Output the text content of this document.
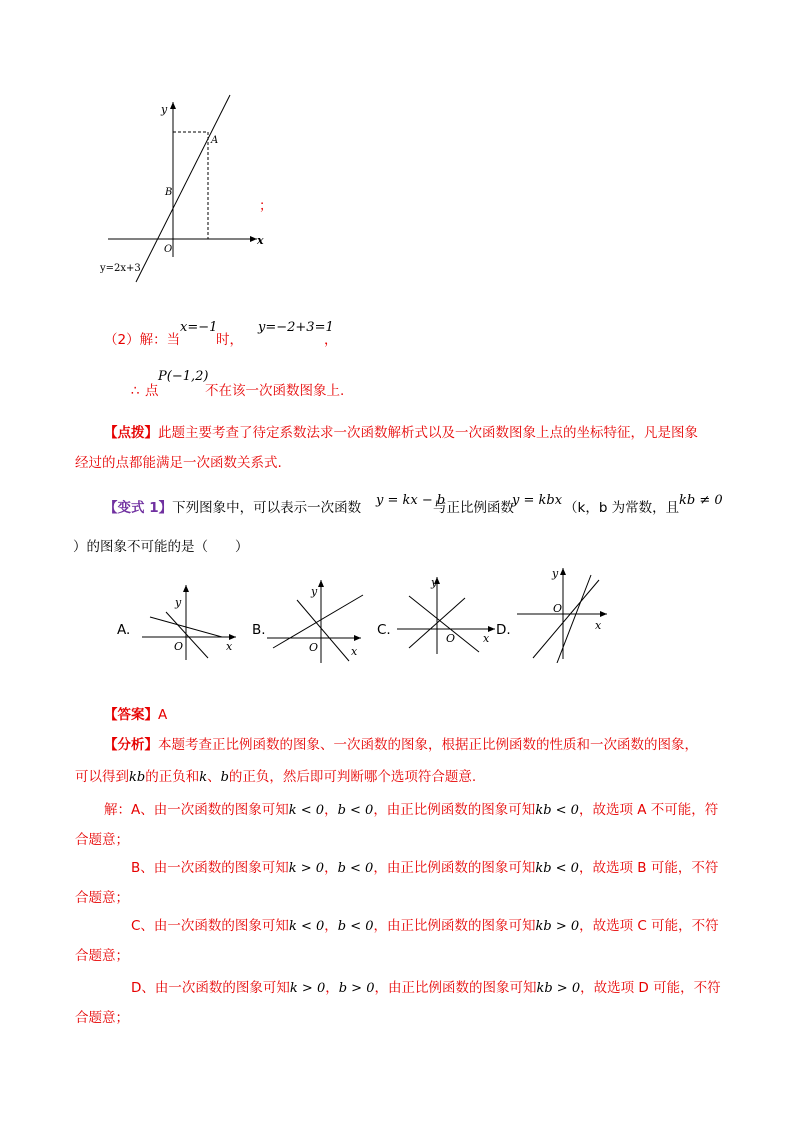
y
x
A
B
O
y=2x+3
；
（2）解：当
x=−1
时，
y=−2+3=1
，
∴ 点
P(−1,2)
不在该一次函数图象上.
【点拨】此题主要考查了待定系数法求一次函数解析式以及一次函数图象上点的坐标特征，凡是图象
经过的点都能满足一次函数关系式.
【变式 1】下列图象中，可以表示一次函数 y = kx − b
与正比例函数
y = kbx （k，b 为常数，且 kb ≠ 0
）的图象不可能的是（　　）
A.	B.	C.	D.
y
x
O
y
x
O
y
x
O
y
x
O
【答案】A
【分析】本题考查正比例函数的图象、一次函数的图象，根据正比例函数的性质和一次函数的图象，
可以得到kb的正负和k、b的正负，然后即可判断哪个选项符合题意.
解：A、由一次函数的图象可知k < 0，b < 0，由正比例函数的图象可知kb < 0，故选项 A 不可能，符
合题意；
B、由一次函数的图象可知k > 0，b < 0，由正比例函数的图象可知kb < 0，故选项 B 可能，不符
合题意；
C、由一次函数的图象可知k < 0，b < 0，由正比例函数的图象可知kb > 0，故选项 C 可能，不符
合题意；
D、由一次函数的图象可知k > 0，b > 0，由正比例函数的图象可知kb > 0，故选项 D 可能，不符
合题意；
